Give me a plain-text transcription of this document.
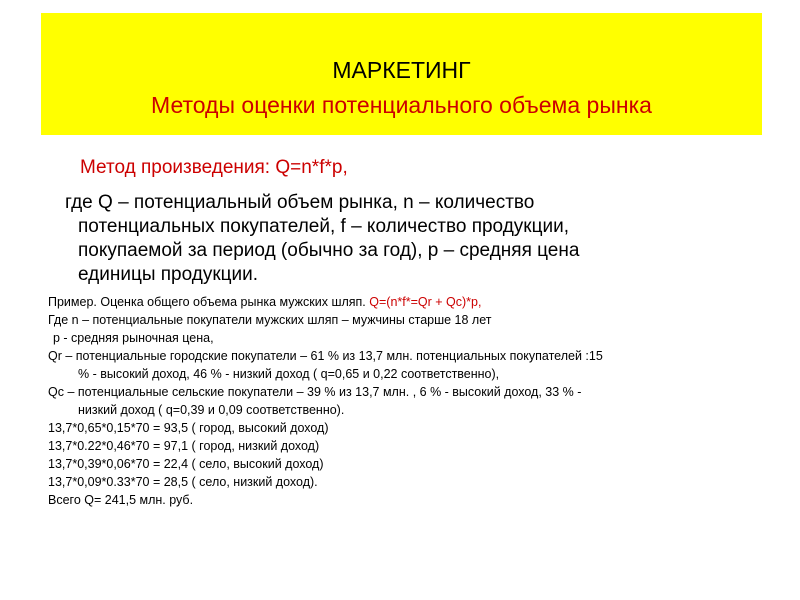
МАРКЕТИНГ
Методы оценки потенциального объема рынка
Метод произведения: Q=n*f*p,
где Q – потенциальный объем рынка, n – количество
потенциальных покупателей, f – количество продукции,
покупаемой за период (обычно за год), p – средняя цена
единицы продукции.
Пример. Оценка общего объема рынка мужских шляп. Q=(n*f*=Qr + Qc)*p,
Где n – потенциальные покупатели мужских шляп – мужчины старше 18 лет
p - средняя рыночная цена,
Qr – потенциальные городские покупатели – 61 % из 13,7 млн. потенциальных покупателей :15
% - высокий доход, 46 % - низкий доход ( q=0,65 и 0,22 соответственно),
Qc – потенциальные сельские покупатели – 39 % из 13,7 млн. , 6 % - высокий доход, 33 % -
низкий доход ( q=0,39 и 0,09 соответственно).
13,7*0,65*0,15*70 = 93,5 ( город, высокий доход)
13,7*0.22*0,46*70 = 97,1 ( город, низкий доход)
13,7*0,39*0,06*70 = 22,4 ( село, высокий доход)
13,7*0,09*0.33*70 = 28,5 ( село, низкий доход).
Всего Q= 241,5 млн. руб.
